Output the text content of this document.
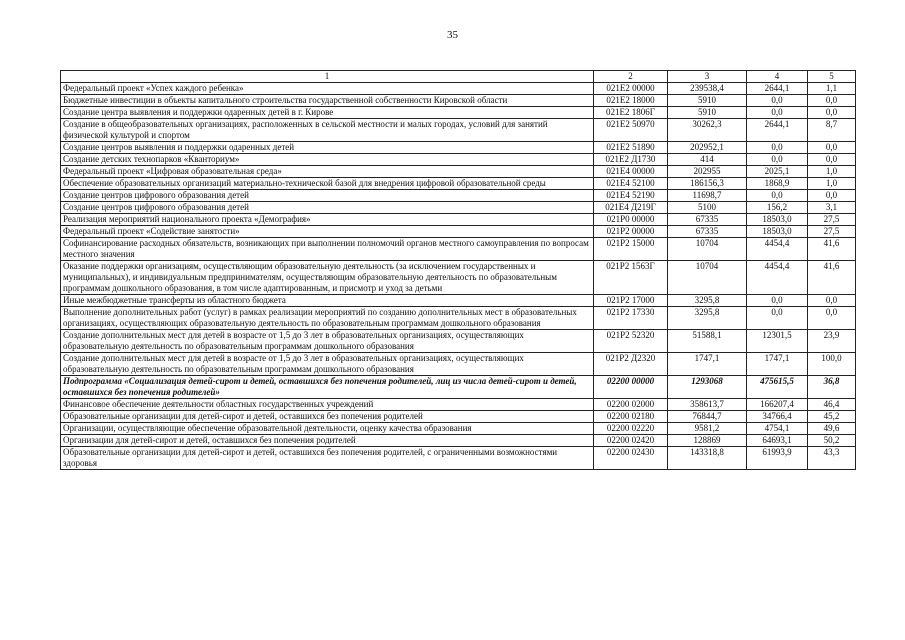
35
1	2	3	4	5
Федеральный проект «Успех каждого ребенка»	021E2 00000	239538,4	2644,1	1,1
Бюджетные инвестиции в объекты капитального строительства государственной собственности Кировской области	021E2 18000	5910	0,0	0,0
Создание центра выявления и поддержки одаренных детей в г. Кирове	021E2 1806Г	5910	0,0	0,0
Создание в общеобразовательных организациях, расположенных в сельской местности и малых городах, условий для занятий физической культурой и спортом	021E2 50970	30262,3	2644,1	8,7
Создание центров выявления и поддержки одаренных детей	021E2 51890	202952,1	0,0	0,0
Создание детских технопарков «Кванториум»	021E2 Д1730	414	0,0	0,0
Федеральный проект «Цифровая образовательная среда»	021E4 00000	202955	2025,1	1,0
Обеспечение образовательных организаций материально-технической базой для внедрения цифровой образовательной среды	021E4 52100	186156,3	1868,9	1,0
Создание центров цифрового образования детей	021E4 52190	11698,7	0,0	0,0
Создание центров цифрового образования детей	021E4 Д219Г	5100	156,2	3,1
Реализация мероприятий национального проекта «Демография»	021P0 00000	67335	18503,0	27,5
Федеральный проект «Содействие занятости»	021P2 00000	67335	18503,0	27,5
Софинансирование расходных обязательств, возникающих при выполнении полномочий органов местного самоуправления по вопросам местного значения	021P2 15000	10704	4454,4	41,6
Оказание поддержки организациям, осуществляющим образовательную деятельность (за исключением государственных и муниципальных), и индивидуальным предпринимателям, осуществляющим образовательную деятельность по образовательным программам дошкольного образования, в том числе адаптированным, и присмотр и уход за детьми	021P2 1563Г	10704	4454,4	41,6
Иные межбюджетные трансферты из областного бюджета	021P2 17000	3295,8	0,0	0,0
Выполнение дополнительных работ (услуг) в рамках реализации мероприятий по созданию дополнительных мест в образовательных организациях, осуществляющих образовательную деятельность по образовательным программам дошкольного образования	021P2 17330	3295,8	0,0	0,0
Создание дополнительных мест для детей в возрасте от 1,5 до 3 лет в образовательных организациях, осуществляющих образовательную деятельность по образовательным программам дошкольного образования	021P2 52320	51588,1	12301,5	23,9
Создание дополнительных мест для детей в возрасте от 1,5 до 3 лет в образовательных организациях, осуществляющих образовательную деятельность по образовательным программам дошкольного образования	021P2 Д2320	1747,1	1747,1	100,0
Подпрограмма «Социализация детей-сирот и детей, оставшихся без попечения родителей, лиц из числа детей-сирот и детей, оставшихся без попечения родителей»	02200 00000	1293068	475615,5	36,8
Финансовое обеспечение деятельности областных государственных учреждений	02200 02000	358613,7	166207,4	46,4
Образовательные организации для детей-сирот и детей, оставшихся без попечения родителей	02200 02180	76844,7	34766,4	45,2
Организации, осуществляющие обеспечение образовательной деятельности, оценку качества образования	02200 02220	9581,2	4754,1	49,6
Организации для детей-сирот и детей, оставшихся без попечения родителей	02200 02420	128869	64693,1	50,2
Образовательные организации для детей-сирот и детей, оставшихся без попечения родителей, с ограниченными возможностями здоровья	02200 02430	143318,8	61993,9	43,3
